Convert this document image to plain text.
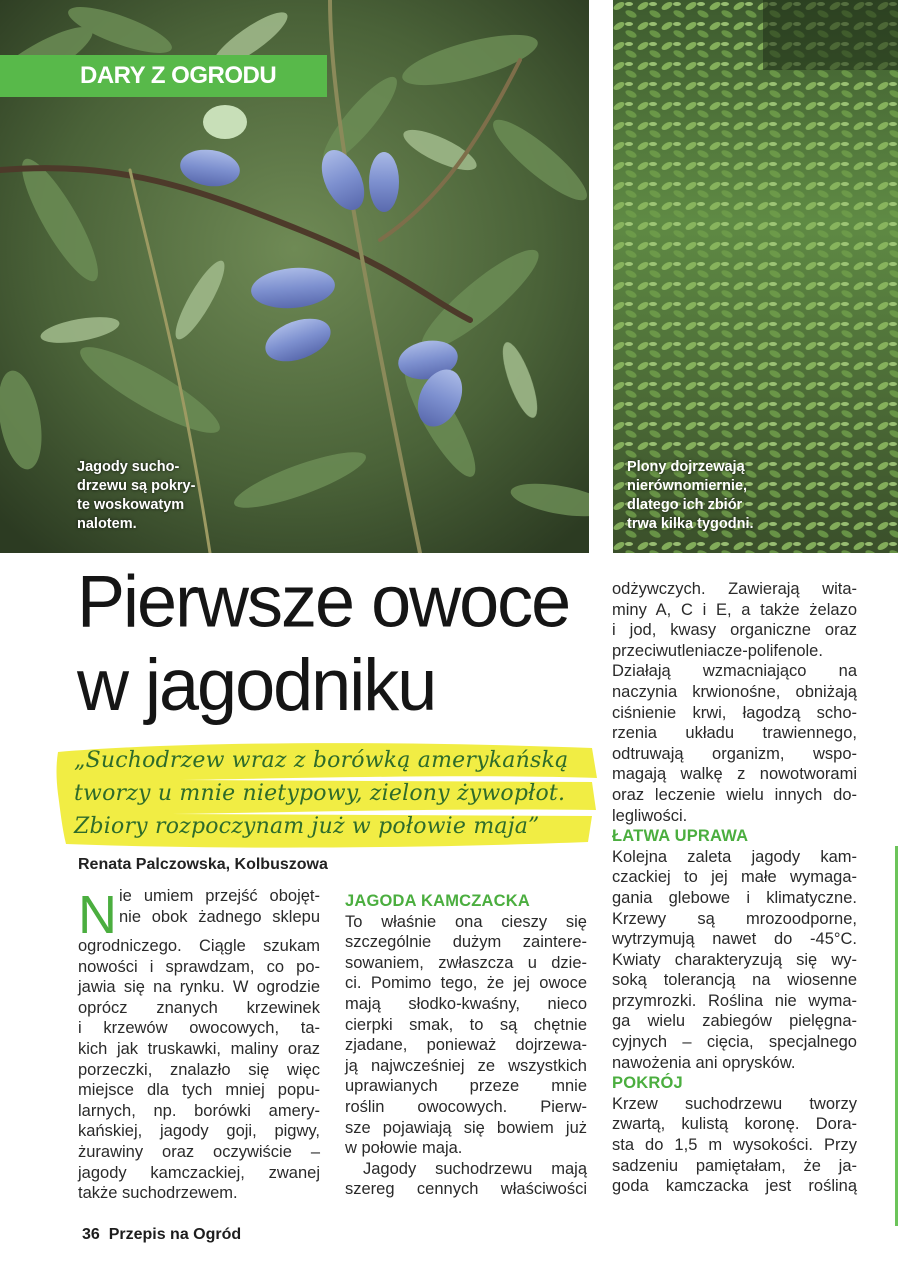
DARY Z OGRODU
Jagody sucho-
drzewu są pokry-
te woskowatym
nalotem.
Plony dojrzewają
nierównomiernie,
dlatego ich zbiór
trwa kilka tygodni.
Pierwsze owoce
w jagodniku
„Suchodrzew wraz z borówką amerykańską
tworzy u mnie nietypowy, zielony żywopłot.
Zbiory rozpoczynam już w połowie maja”
Renata Palczowska, Kolbuszowa
N ie umiem przejść obojęt-
nie obok żadnego sklepu
ogrodniczego. Ciągle szukam
nowości i sprawdzam, co po-
jawia się na rynku. W ogrodzie
oprócz znanych krzewinek
i krzewów owocowych, ta-
kich jak truskawki, maliny oraz
porzeczki, znalazło się więc
miejsce dla tych mniej popu-
larnych, np. borówki amery-
kańskiej, jagody goji, pigwy,
żurawiny oraz oczywiście –
jagody kamczackiej, zwanej
także suchodrzewem.
JAGODA KAMCZACKA
To właśnie ona cieszy się
szczególnie dużym zaintere-
sowaniem, zwłaszcza u dzie-
ci. Pomimo tego, że jej owoce
mają słodko-kwaśny, nieco
cierpki smak, to są chętnie
zjadane, ponieważ dojrzewa-
ją najwcześniej ze wszystkich
uprawianych przeze mnie
roślin owocowych. Pierw-
sze pojawiają się bowiem już
w połowie maja.
Jagody suchodrzewu mają
szereg cennych właściwości
odżywczych. Zawierają wita-
miny A, C i E, a także żelazo
i jod, kwasy organiczne oraz
przeciwutleniacze-polifenole.
Działają wzmacniająco na
naczynia krwionośne, obniżają
ciśnienie krwi, łagodzą scho-
rzenia układu trawiennego,
odtruwają organizm, wspo-
magają walkę z nowotworami
oraz leczenie wielu innych do-
legliwości.
ŁATWA UPRAWA
Kolejna zaleta jagody kam-
czackiej to jej małe wymaga-
gania glebowe i klimatyczne.
Krzewy są mrozoodporne,
wytrzymują nawet do -45°C.
Kwiaty charakteryzują się wy-
soką tolerancją na wiosenne
przymrozki. Roślina nie wyma-
ga wielu zabiegów pielęgna-
cyjnych – cięcia, specjalnego
nawożenia ani oprysków.
POKRÓJ
Krzew suchodrzewu tworzy
zwartą, kulistą koronę. Dora-
sta do 1,5 m wysokości. Przy
sadzeniu pamiętałam, że ja-
goda kamczacka jest rośliną
36  Przepis na Ogród
